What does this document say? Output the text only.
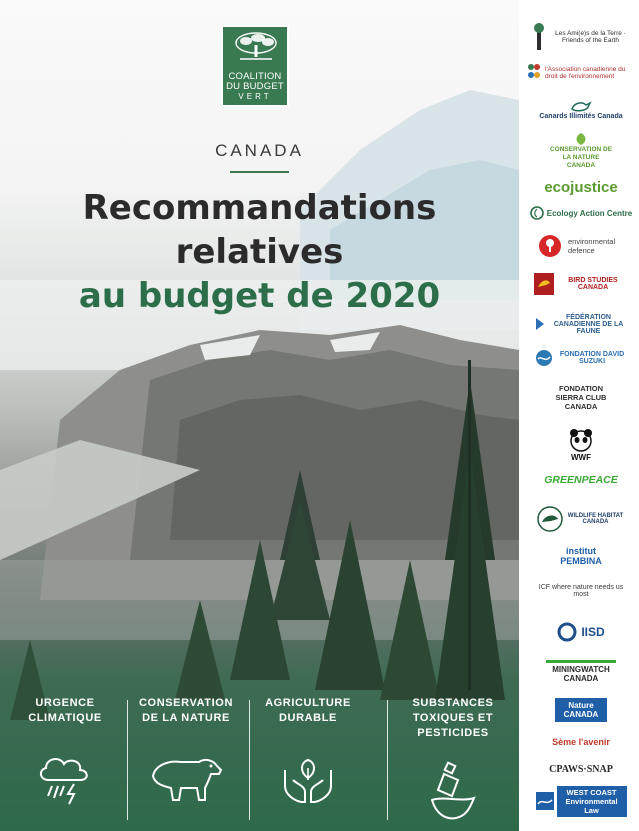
COALITION
DU BUDGET
VERT
CANADA
Recommandations
relatives
au budget de 2020
URGENCE
CLIMATIQUE
CONSERVATION
DE LA NATURE
AGRICULTURE
DURABLE
SUBSTANCES
TOXIQUES ET
PESTICIDES
Les Ami(e)s de la Terre · Friends of the Earth
l'Association canadienne du droit de l'environnement
Canards Illimités Canada
CONSERVATION DE LA NATURE CANADA
ecojustice
Ecology Action Centre
environmental defence
BIRD STUDIES CANADA
FÉDÉRATION CANADIENNE DE LA FAUNE
FONDATION DAVID SUZUKI
FONDATION SIERRA CLUB CANADA
WWF
GREENPEACE
WILDLIFE HABITAT CANADA
institut PEMBINA
ICF where nature needs us most
IISD
MININGWATCH CANADA
Nature CANADA
Sème l'avenir
CPAWS·SNAP
WEST COAST Environmental Law
